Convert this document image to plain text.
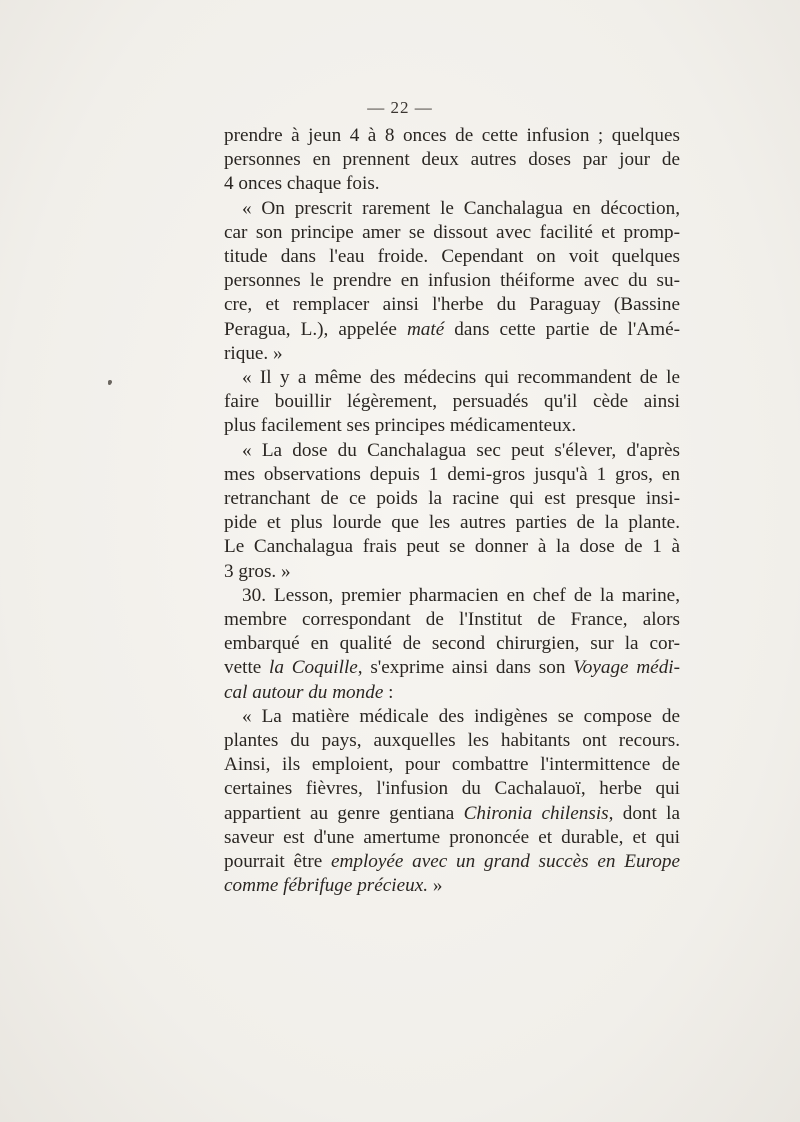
— 22 —

prendre à jeun 4 à 8 onces de cette infusion ; quelques
personnes en prennent deux autres doses par jour de
4 onces chaque fois.

« On prescrit rarement le Canchalagua en décoction,
car son principe amer se dissout avec facilité et promp-
titude dans l'eau froide. Cependant on voit quelques
personnes le prendre en infusion théiforme avec du su-
cre, et remplacer ainsi l'herbe du Paraguay (Bassine
Peragua, L.), appelée maté dans cette partie de l'Amé-
rique. »

« Il y a même des médecins qui recommandent de le
faire bouillir légèrement, persuadés qu'il cède ainsi
plus facilement ses principes médicamenteux.

« La dose du Canchalagua sec peut s'élever, d'après
mes observations depuis 1 demi-gros jusqu'à 1 gros, en
retranchant de ce poids la racine qui est presque insi-
pide et plus lourde que les autres parties de la plante.
Le Canchalagua frais peut se donner à la dose de 1 à
3 gros. »

30. Lesson, premier pharmacien en chef de la marine,
membre correspondant de l'Institut de France, alors
embarqué en qualité de second chirurgien, sur la cor-
vette la Coquille, s'exprime ainsi dans son Voyage médi-
cal autour du monde :

« La matière médicale des indigènes se compose de
plantes du pays, auxquelles les habitants ont recours.
Ainsi, ils emploient, pour combattre l'intermittence de
certaines fièvres, l'infusion du Cachalauoï, herbe qui
appartient au genre gentiana Chironia chilensis, dont la
saveur est d'une amertume prononcée et durable, et qui
pourrait être employée avec un grand succès en Europe
comme fébrifuge précieux. »
